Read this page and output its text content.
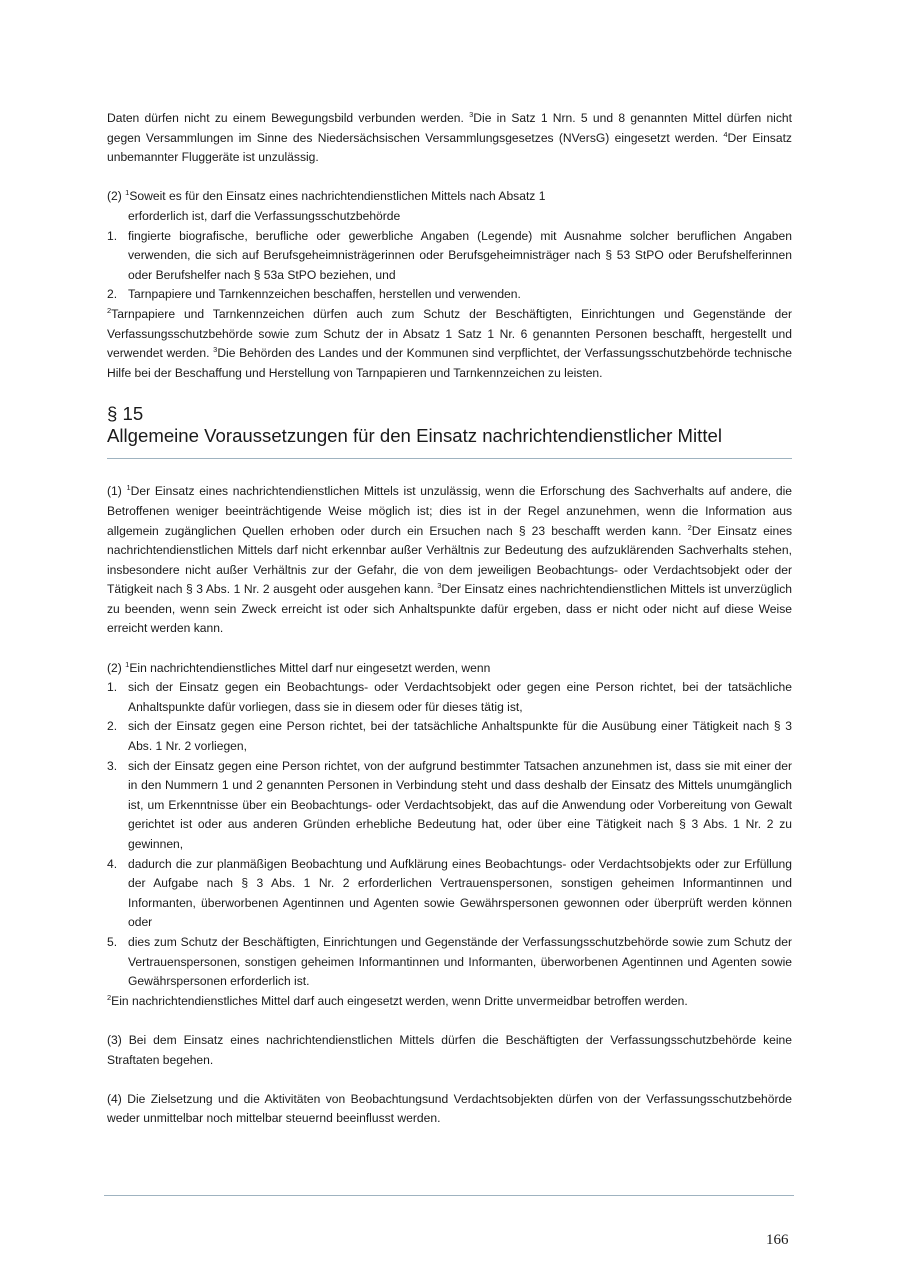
Daten dürfen nicht zu einem Bewegungsbild verbunden werden. $^3$Die in Satz 1 Nrn. 5 und 8 genannten Mittel dürfen nicht gegen Versammlungen im Sinne des Niedersächsischen Versammlungsgesetzes (NVersG) eingesetzt werden. $^4$Der Einsatz unbemannter Fluggeräte ist unzulässig.

(2) $^1$Soweit es für den Einsatz eines nachrichtendienstlichen Mittels nach Absatz 1

erforderlich ist, darf die Verfassungsschutzbehörde

1. fingierte biografische, berufliche oder gewerbliche Angaben (Legende) mit Ausnahme solcher beruflichen Angaben verwenden, die sich auf Berufsgeheimnisträgerinnen oder Berufsgeheimnisträger nach § 53 StPO oder Berufshelferinnen oder Berufshelfer nach § 53a StPO beziehen, und
2. Tarnpapiere und Tarnkennzeichen beschaffen, herstellen und verwenden.

$^2$Tarnpapiere und Tarnkennzeichen dürfen auch zum Schutz der Beschäftigten, Einrichtungen und Gegenstände der Verfassungsschutzbehörde sowie zum Schutz der in Absatz 1 Satz 1 Nr. 6 genannten Personen beschafft, hergestellt und verwendet werden. $^3$Die Behörden des Landes und der Kommunen sind verpflichtet, der Verfassungsschutzbehörde technische Hilfe bei der Beschaffung und Herstellung von Tarnpapieren und Tarnkennzeichen zu leisten.

§ 15
Allgemeine Voraussetzungen für den Einsatz nachrichtendienstlicher Mittel

(1) $^1$Der Einsatz eines nachrichtendienstlichen Mittels ist unzulässig, wenn die Erforschung des Sachverhalts auf andere, die Betroffenen weniger beeinträchtigende Weise möglich ist; dies ist in der Regel anzunehmen, wenn die Information aus allgemein zugänglichen Quellen erhoben oder durch ein Ersuchen nach § 23 beschafft werden kann. $^2$Der Einsatz eines nachrichtendienstlichen Mittels darf nicht erkennbar außer Verhältnis zur Bedeutung des aufzuklärenden Sachverhalts stehen, insbesondere nicht außer Verhältnis zur der Gefahr, die von dem jeweiligen Beobachtungs- oder Verdachtsobjekt oder der Tätigkeit nach § 3 Abs. 1 Nr. 2 ausgeht oder ausgehen kann. $^3$Der Einsatz eines nachrichtendienstlichen Mittels ist unverzüglich zu beenden, wenn sein Zweck erreicht ist oder sich Anhaltspunkte dafür ergeben, dass er nicht oder nicht auf diese Weise erreicht werden kann.

(2) $^1$Ein nachrichtendienstliches Mittel darf nur eingesetzt werden, wenn

1. sich der Einsatz gegen ein Beobachtungs- oder Verdachtsobjekt oder gegen eine Person richtet, bei der tatsächliche Anhaltspunkte dafür vorliegen, dass sie in diesem oder für dieses tätig ist,
2. sich der Einsatz gegen eine Person richtet, bei der tatsächliche Anhaltspunkte für die Ausübung einer Tätigkeit nach § 3 Abs. 1 Nr. 2 vorliegen,
3. sich der Einsatz gegen eine Person richtet, von der aufgrund bestimmter Tatsachen anzunehmen ist, dass sie mit einer der in den Nummern 1 und 2 genannten Personen in Verbindung steht und dass deshalb der Einsatz des Mittels unumgänglich ist, um Erkenntnisse über ein Beobachtungs- oder Verdachtsobjekt, das auf die Anwendung oder Vorbereitung von Gewalt gerichtet ist oder aus anderen Gründen erhebliche Bedeutung hat, oder über eine Tätigkeit nach § 3 Abs. 1 Nr. 2 zu gewinnen,
4. dadurch die zur planmäßigen Beobachtung und Aufklärung eines Beobachtungs- oder Verdachtsobjekts oder zur Erfüllung der Aufgabe nach § 3 Abs. 1 Nr. 2 erforderlichen Vertrauenspersonen, sonstigen geheimen Informantinnen und Informanten, überworbenen Agentinnen und Agenten sowie Gewährspersonen gewonnen oder überprüft werden können oder
5. dies zum Schutz der Beschäftigten, Einrichtungen und Gegenstände der Verfassungsschutzbehörde sowie zum Schutz der Vertrauenspersonen, sonstigen geheimen Informantinnen und Informanten, überworbenen Agentinnen und Agenten sowie Gewährspersonen erforderlich ist.

$^2$Ein nachrichtendienstliches Mittel darf auch eingesetzt werden, wenn Dritte unvermeidbar betroffen werden.

(3) Bei dem Einsatz eines nachrichtendienstlichen Mittels dürfen die Beschäftigten der Verfassungsschutzbehörde keine Straftaten begehen.

(4) Die Zielsetzung und die Aktivitäten von Beobachtungsund Verdachtsobjekten dürfen von der Verfassungsschutzbehörde weder unmittelbar noch mittelbar steuernd beeinflusst werden.

166
